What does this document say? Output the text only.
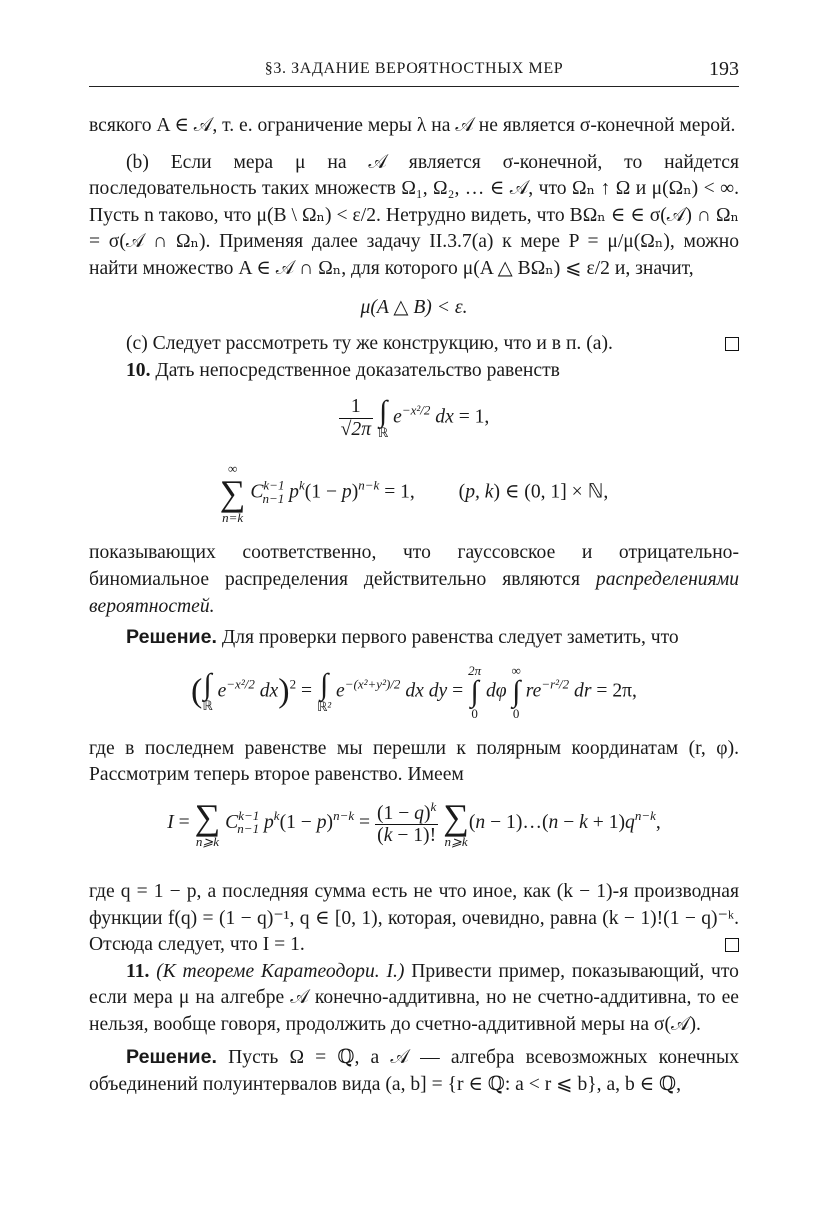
§3. ЗАДАНИЕ ВЕРОЯТНОСТНЫХ МЕР	193

всякого A ∈ 𝒜, т. е. ограничение меры λ на 𝒜 не является σ-конечной мерой.

(b) Если мера μ на 𝒜 является σ-конечной, то найдется последовательность таких множеств Ω₁, Ω₂, … ∈ 𝒜, что Ωₙ ↑ Ω и μ(Ωₙ) < ∞. Пусть n таково, что μ(B \ Ωₙ) < ε/2. Нетрудно видеть, что BΩₙ ∈ ∈ σ(𝒜) ∩ Ωₙ = σ(𝒜 ∩ Ωₙ). Применяя далее задачу II.3.7(a) к мере P = μ/μ(Ωₙ), можно найти множество A ∈ 𝒜 ∩ Ωₙ, для которого μ(A △ BΩₙ) ⩽ ε/2 и, значит,

μ(A △ B) < ε.

(c) Следует рассмотреть ту же конструкцию, что и в п. (a).

10. Дать непосредственное доказательство равенств

$\frac{1}{√2\pi}$
∫
ℝ
$e^{-x^2/2}$ dx = 1,
∞
∑
n=k
$C^{k-1}_{n-1}$ $p^k(1 - p)^{n-k} = 1$, (p, k) ∈ (0, 1] × ℕ,

показывающих соответственно, что гауссовское и отрицательно-биномиальное распределения действительно являются распределениями вероятностей.

Решение. Для проверки первого равенства следует заметить, что

( ∫
ℝ
$e^{-x^2/2}$ dx)$^2$ = ∫
ℝ²
$e^{-(x^2+y^2)/2}$ dx dy =
2π
∫
0
dφ
∞
∫
0
$re^{-r^2/2}$ dr = 2π,

где в последнем равенстве мы перешли к полярным координатам (r, φ). Рассмотрим теперь второе равенство. Имеем

I = ∑
n⩾k
$C^{k-1}_{n-1}$ $p^k(1 - p)^{n-k} = \frac{(1 - q)^k}{(k - 1)!}$
∑
n⩾k
(n − 1)…(n − $k + 1)q^{n-k}$,

где q = 1 − p, а последняя сумма есть не что иное, как (k − 1)-я производная функции f(q) = (1 − q)⁻¹, q ∈ [0, 1), которая, очевидно, равна (k − 1)!(1 − q)⁻ᵏ. Отсюда следует, что I = 1.

11. (К теореме Каратеодори. I.) Привести пример, показывающий, что если мера μ на алгебре 𝒜 конечно-аддитивна, но не счетно-аддитивна, то ее нельзя, вообще говоря, продолжить до счетно-аддитивной меры на σ(𝒜).

Решение. Пусть Ω = ℚ, а 𝒜 — алгебра всевозможных конечных объединений полуинтервалов вида (a, b] = {r ∈ ℚ: a < r ⩽ b}, a, b ∈ ℚ,
